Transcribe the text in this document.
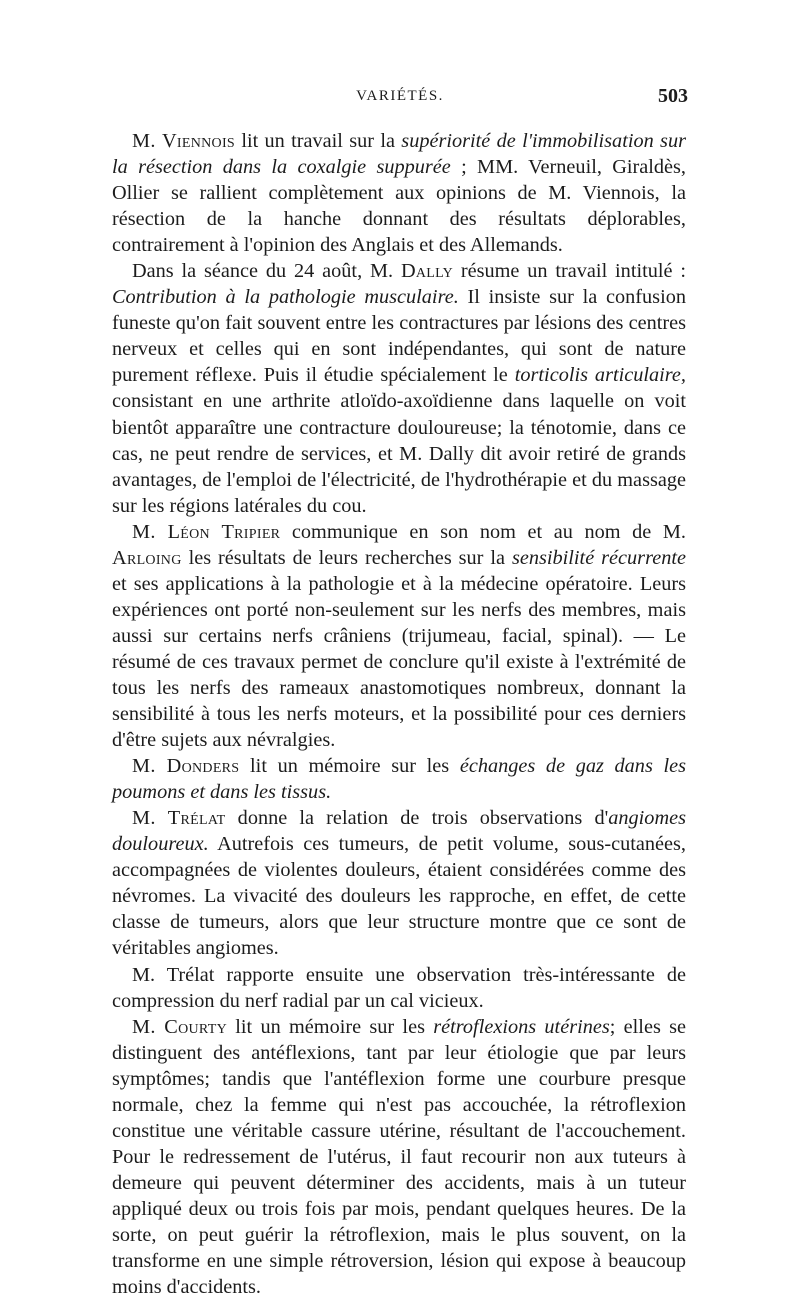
VARIÉTÉS.	503

M. Viennois lit un travail sur la supériorité de l'immobilisation sur la résection dans la coxalgie suppurée ; MM. Verneuil, Giraldès, Ollier se rallient complètement aux opinions de M. Viennois, la résection de la hanche donnant des résultats déplorables, contrairement à l'opinion des Anglais et des Allemands.

Dans la séance du 24 août, M. Dally résume un travail intitulé : Contribution à la pathologie musculaire. Il insiste sur la confusion funeste qu'on fait souvent entre les contractures par lésions des centres nerveux et celles qui en sont indépendantes, qui sont de nature purement réflexe. Puis il étudie spécialement le torticolis articulaire, consistant en une arthrite atloïdo-axoïdienne dans laquelle on voit bientôt apparaître une contracture douloureuse; la ténotomie, dans ce cas, ne peut rendre de services, et M. Dally dit avoir retiré de grands avantages, de l'emploi de l'électricité, de l'hydrothérapie et du massage sur les régions latérales du cou.

M. Léon Tripier communique en son nom et au nom de M. Arloing les résultats de leurs recherches sur la sensibilité récurrente et ses applications à la pathologie et à la médecine opératoire. Leurs expériences ont porté non-seulement sur les nerfs des membres, mais aussi sur certains nerfs crâniens (trijumeau, facial, spinal). — Le résumé de ces travaux permet de conclure qu'il existe à l'extrémité de tous les nerfs des rameaux anastomotiques nombreux, donnant la sensibilité à tous les nerfs moteurs, et la possibilité pour ces derniers d'être sujets aux névralgies.

M. Donders lit un mémoire sur les échanges de gaz dans les poumons et dans les tissus.

M. Trélat donne la relation de trois observations d'angiomes douloureux. Autrefois ces tumeurs, de petit volume, sous-cutanées, accompagnées de violentes douleurs, étaient considérées comme des névromes. La vivacité des douleurs les rapproche, en effet, de cette classe de tumeurs, alors que leur structure montre que ce sont de véritables angiomes.

M. Trélat rapporte ensuite une observation très-intéressante de compression du nerf radial par un cal vicieux.

M. Courty lit un mémoire sur les rétroflexions utérines; elles se distinguent des antéflexions, tant par leur étiologie que par leurs symptômes; tandis que l'antéflexion forme une courbure presque normale, chez la femme qui n'est pas accouchée, la rétroflexion constitue une véritable cassure utérine, résultant de l'accouchement. Pour le redressement de l'utérus, il faut recourir non aux tuteurs à demeure qui peuvent déterminer des accidents, mais à un tuteur appliqué deux ou trois fois par mois, pendant quelques heures. De la sorte, on peut guérir la rétroflexion, mais le plus souvent, on la transforme en une simple rétroversion, lésion qui expose à beaucoup moins d'accidents.
